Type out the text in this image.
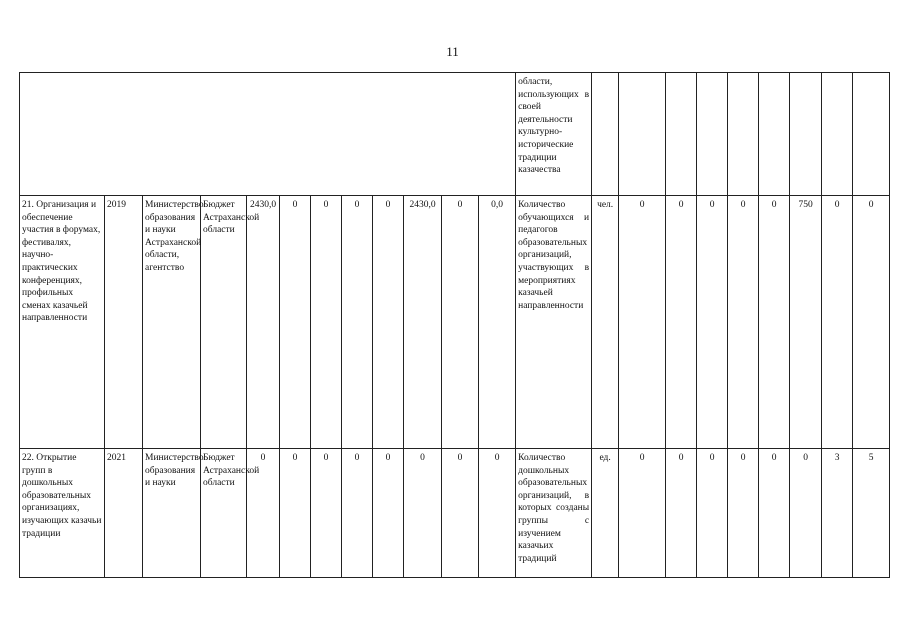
11
												области, использующих в своей деятельности культурно-исторические традиции казачества									
21. Организация и обеспечение участия в форумах, фестивалях, научно-практических конференциях, профильных сменах казачьей направленности	2019	Министерство образования и науки Астраханской области, агентство	Бюджет Астраханской области	2430,0	0	0	0	0	2430,0	0	0,0	Количество обучающихся и педагогов образовательных организаций, участвующих в мероприятиях казачьей направленности	чел.	0	0	0	0	0	750	0	0
22. Открытие групп в дошкольных образовательных организациях, изучающих казачьи традиции	2021	Министерство образования и науки	Бюджет Астраханской области	0	0	0	0	0	0	0	0	Количество дошкольных образовательных организаций, в которых созданы группы с изучением казачьих традиций	ед.	0	0	0	0	0	0	3	5
